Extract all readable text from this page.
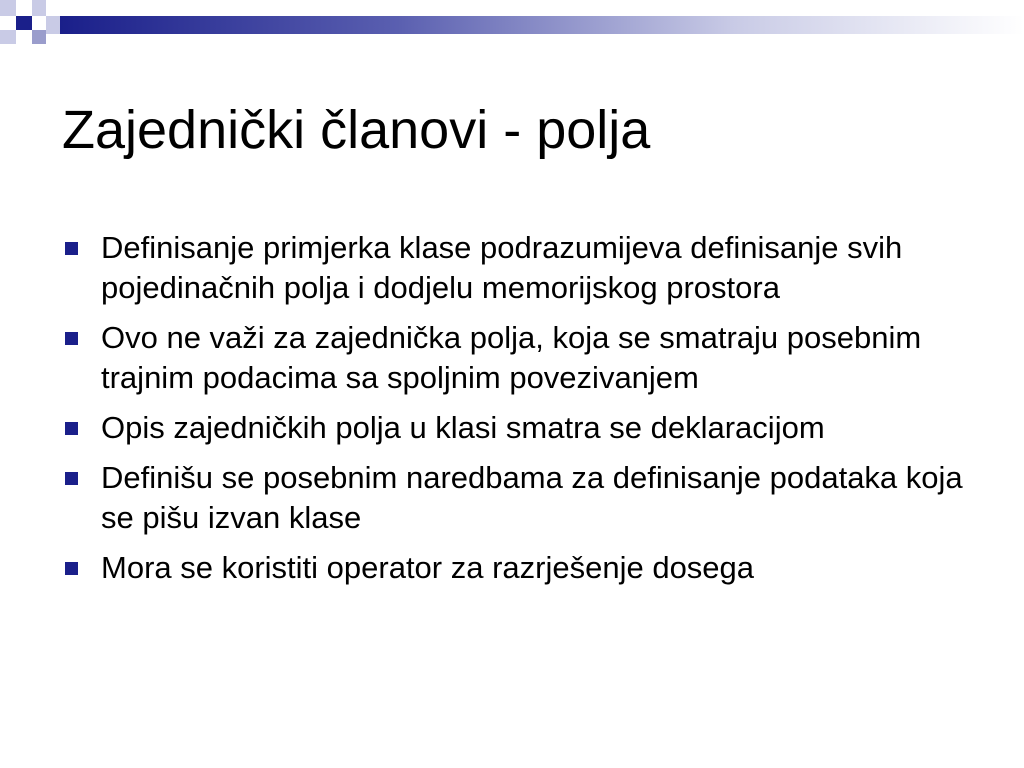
Zajednički članovi - polja
Definisanje primjerka klase podrazumijeva definisanje svih pojedinačnih polja i dodjelu memorijskog prostora
Ovo ne važi za zajednička polja, koja se smatraju posebnim trajnim podacima sa spoljnim povezivanjem
Opis zajedničkih polja u klasi smatra se deklaracijom
Definišu se posebnim naredbama za definisanje podataka koja se pišu izvan klase
Mora se koristiti operator za razrješenje dosega
